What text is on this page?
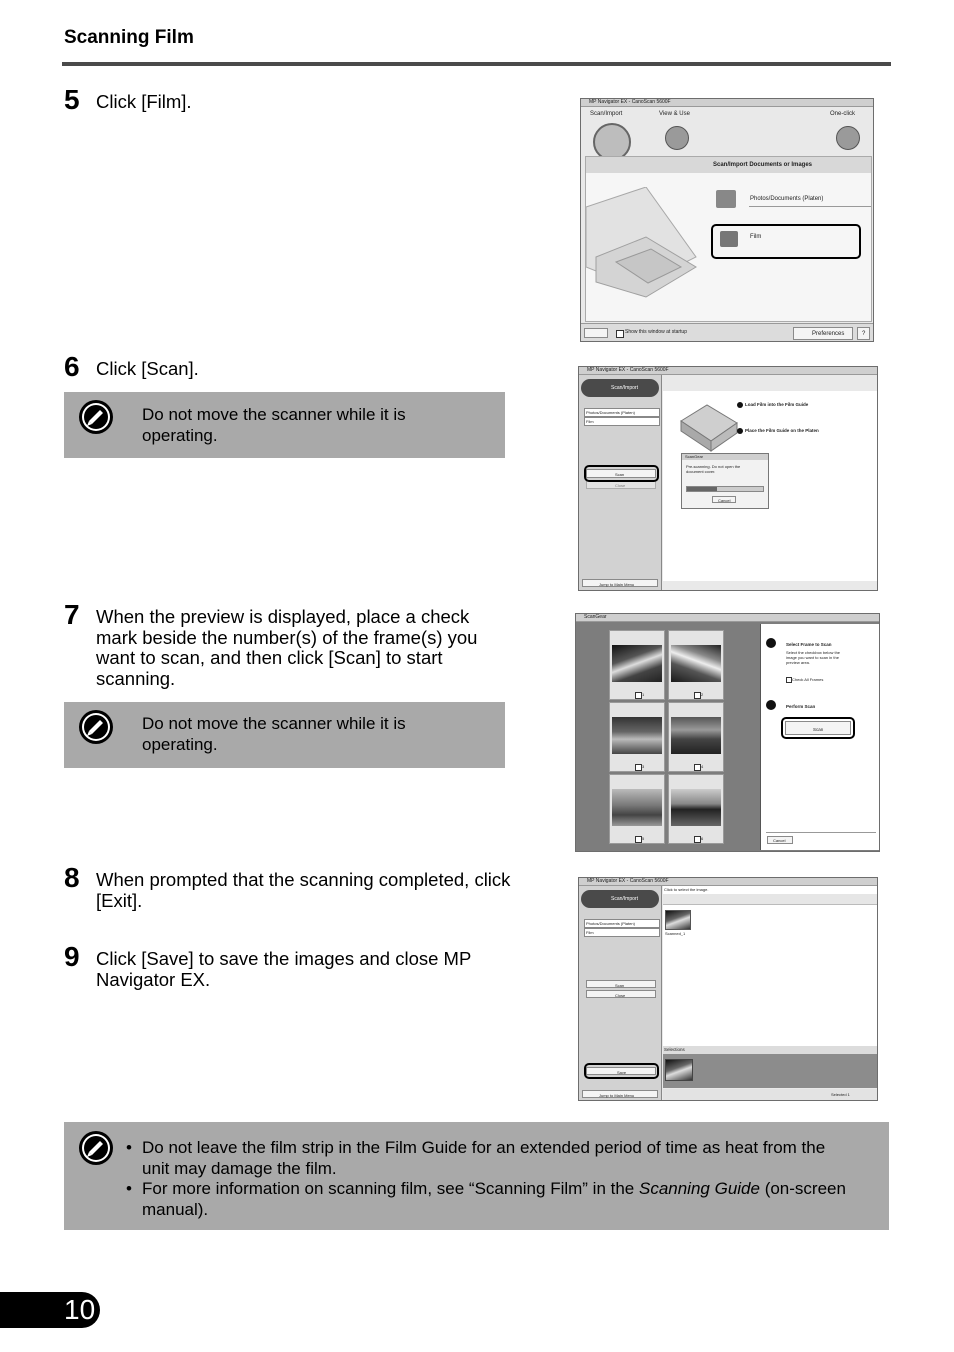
Scanning Film
5 Click [Film].	MP Navigator EX - CanoScan 5600F
Scan/Import	View & Use	One-click
Scan/Import Documents or Images
Photos/Documents (Platen)
Film
Show this window at startup	Preferences	?
6 Click [Scan].
Do not move the scanner while it is
operating.
MP Navigator EX - CanoScan 5600F
Scan/Import
Photos/Documents (Platen)
Film
Scan
Close
Jump to Main Menu
Load Film into the Film Guide
Place the Film Guide on the Platen
ScanGear
Pre-scanning. Do not open the document cover.
Cancel
7 When the preview is displayed, place a check
mark beside the number(s) of the frame(s) you
want to scan, and then click [Scan] to start
scanning.
Do not move the scanner while it is
operating.
ScanGear
1	2
3	4
5	6
Select Frame to Scan
Select the checkbox below the image you want to scan in the preview area.
Check All Frames
Perform Scan
Scan
Cancel
8 When prompted that the scanning completed, click
[Exit].
9 Click [Save] to save the images and close MP
Navigator EX.
MP Navigator EX - CanoScan 5600F
Scan/Import
Photos/Documents (Platen)
Film
Scan
Close
Save
Jump to Main Menu
Click to select the image.
Scanned_1
Selections
Selected 1
• Do not leave the film strip in the Film Guide for an extended period of time as heat from the
unit may damage the film.
• For more information on scanning film, see “Scanning Film” in the Scanning Guide (on-screen
manual).
10
